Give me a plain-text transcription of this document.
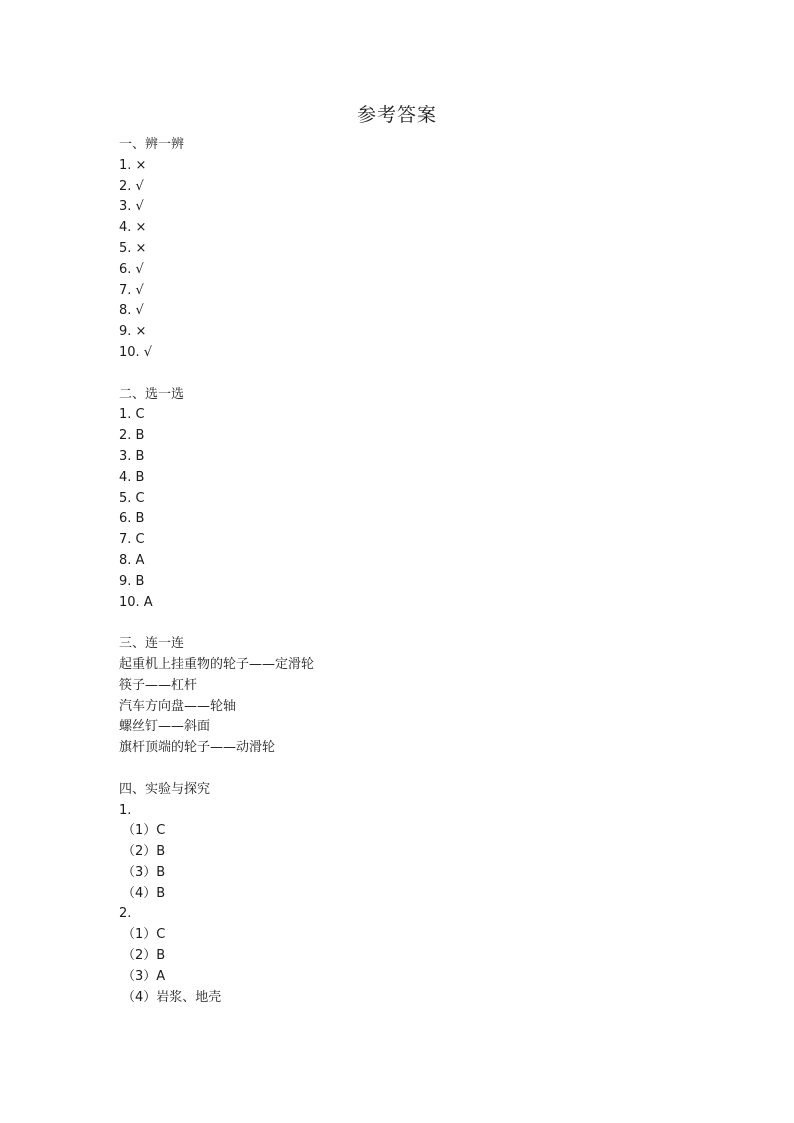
参考答案
一、辨一辨
1. ×
2. √
3. √
4. ×
5. ×
6. √
7. √
8. √
9. ×
10. √
二、选一选
1. C
2. B
3. B
4. B
5. C
6. B
7. C
8. A
9. B
10. A
三、连一连
起重机上挂重物的轮子——定滑轮
筷子——杠杆
汽车方向盘——轮轴
螺丝钉——斜面
旗杆顶端的轮子——动滑轮
四、实验与探究
1.
（1）C
（2）B
（3）B
（4）B
2.
（1）C
（2）B
（3）A
（4）岩浆、地壳
